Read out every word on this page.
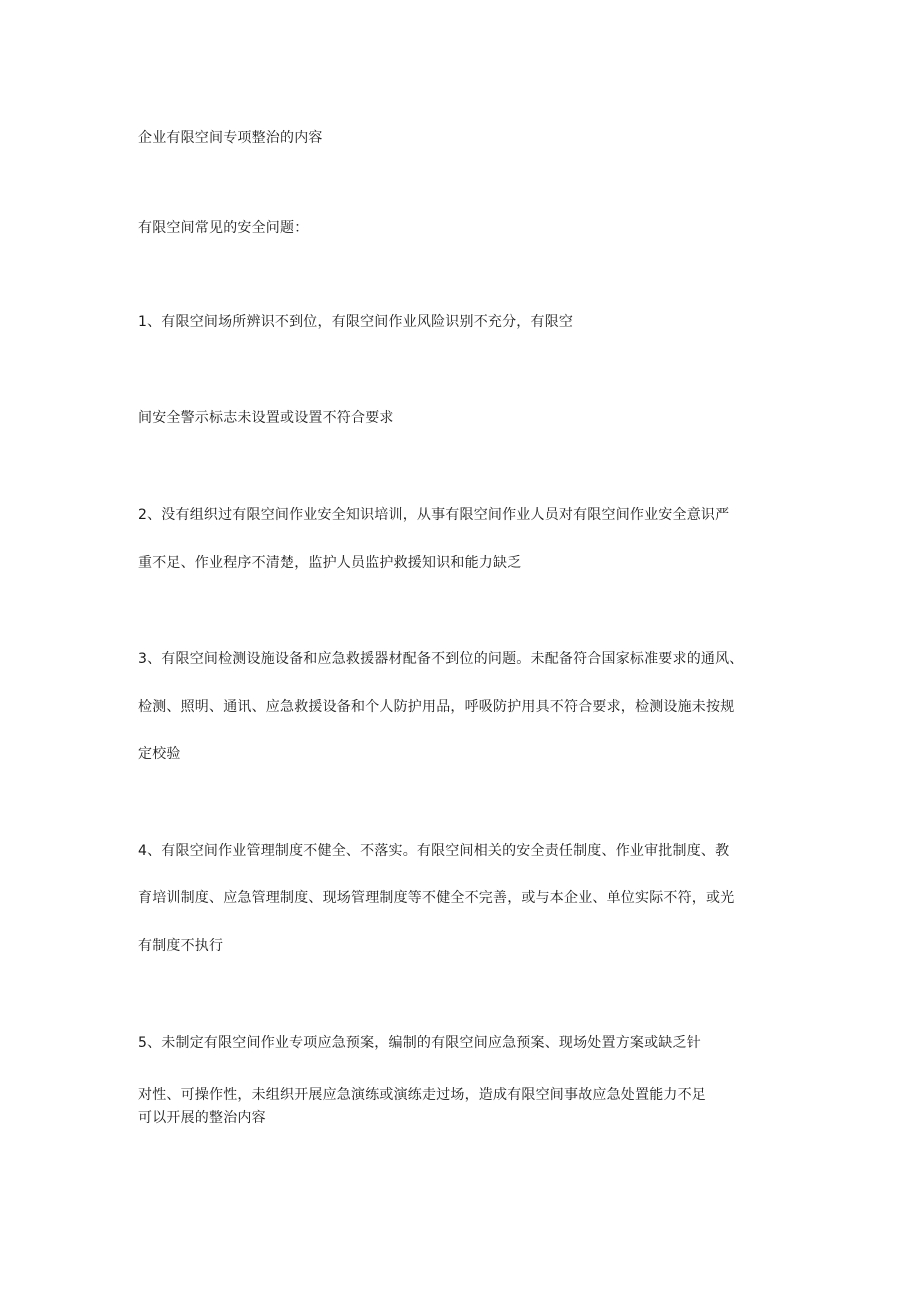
企业有限空间专项整治的内容
有限空间常见的安全问题：
1、有限空间场所辨识不到位，有限空间作业风险识别不充分，有限空
间安全警示标志未设置或设置不符合要求
2、没有组织过有限空间作业安全知识培训，从事有限空间作业人员对有限空间作业安全意识严
重不足、作业程序不清楚，监护人员监护救援知识和能力缺乏
3、有限空间检测设施设备和应急救援器材配备不到位的问题。未配备符合国家标准要求的通风、
检测、照明、通讯、应急救援设备和个人防护用品，呼吸防护用具不符合要求，检测设施未按规
定校验
4、有限空间作业管理制度不健全、不落实。有限空间相关的安全责任制度、作业审批制度、教
育培训制度、应急管理制度、现场管理制度等不健全不完善，或与本企业、单位实际不符，或光
有制度不执行
5、未制定有限空间作业专项应急预案，编制的有限空间应急预案、现场处置方案或缺乏针
对性、可操作性，未组织开展应急演练或演练走过场，造成有限空间事故应急处置能力不足
可以开展的整治内容
